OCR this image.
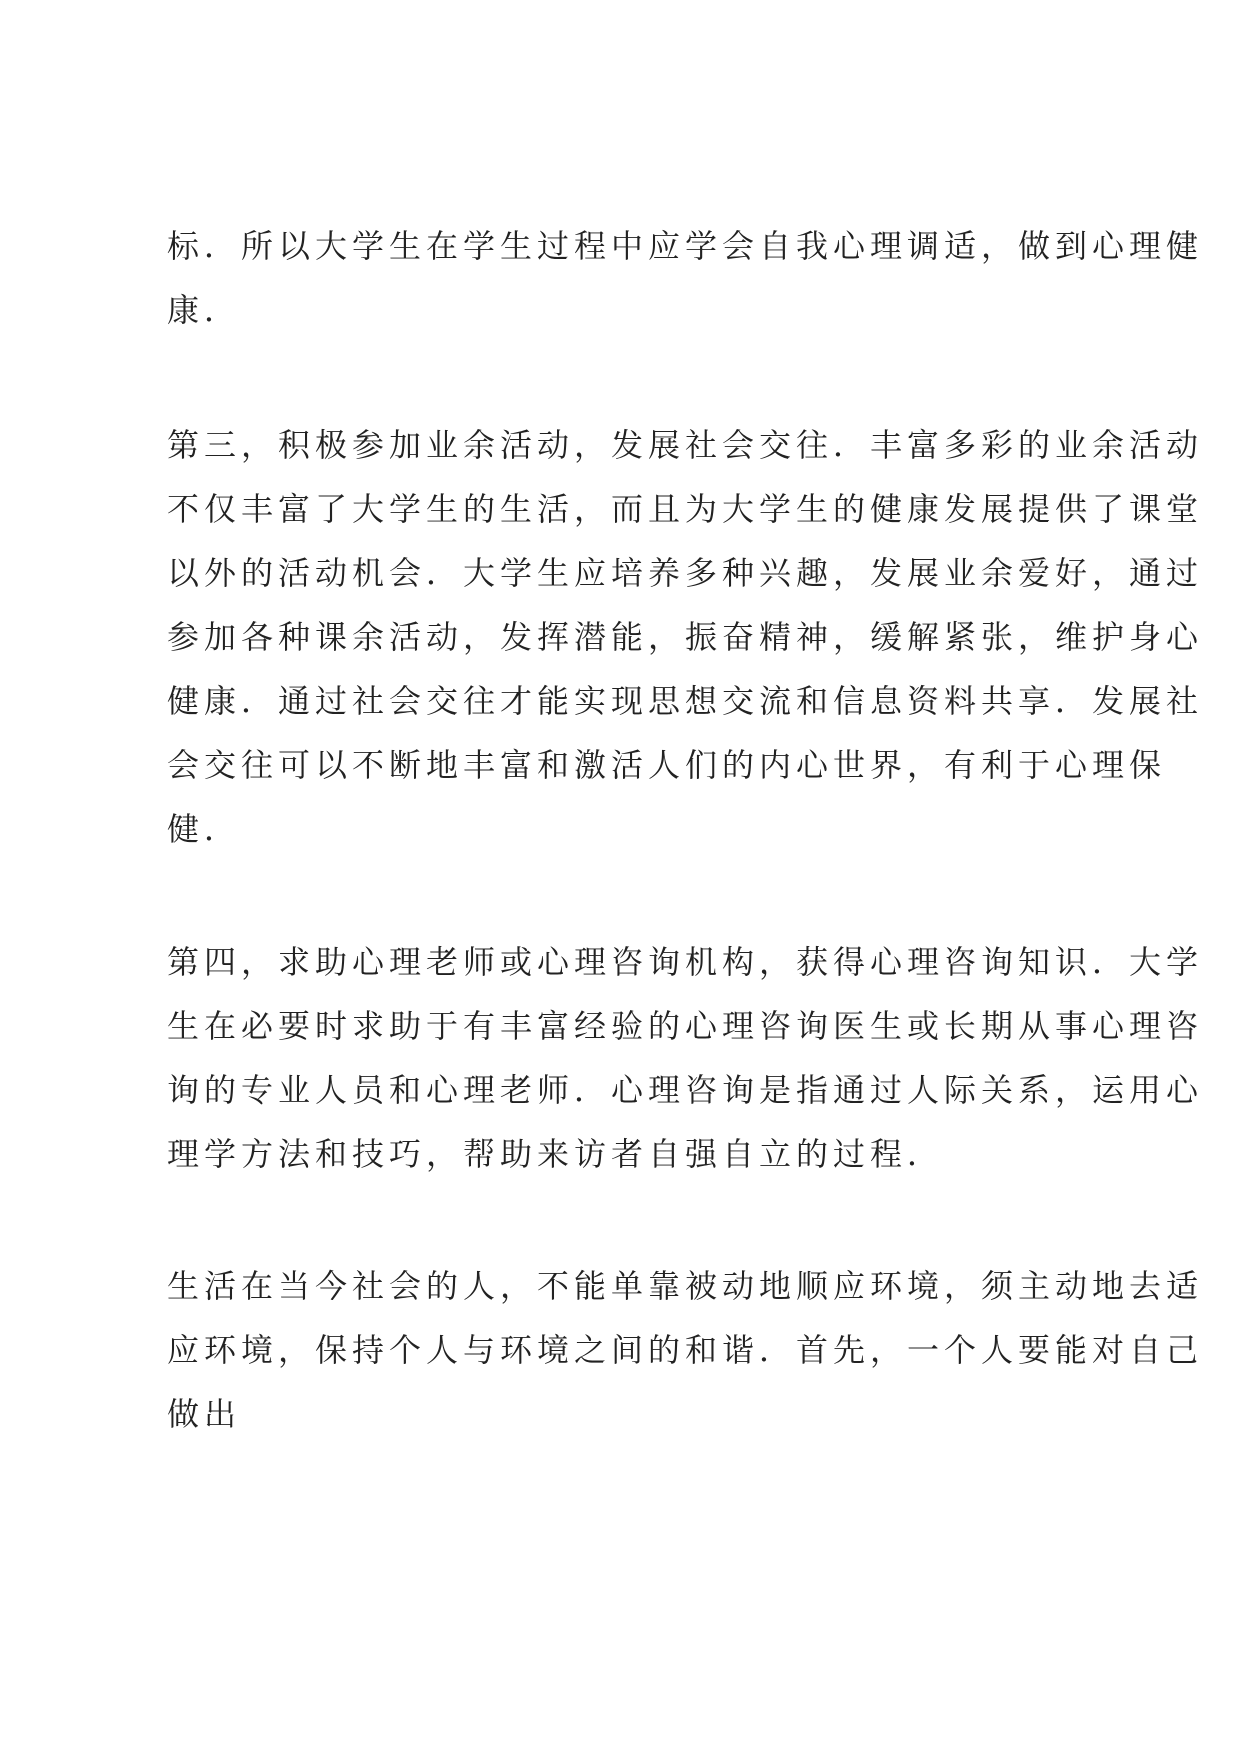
标．所以大学生在学生过程中应学会自我心理调适，做到心理健
康．
第三，积极参加业余活动，发展社会交往．丰富多彩的业余活动
不仅丰富了大学生的生活，而且为大学生的健康发展提供了课堂
以外的活动机会．大学生应培养多种兴趣，发展业余爱好，通过
参加各种课余活动，发挥潜能，振奋精神，缓解紧张，维护身心
健康．通过社会交往才能实现思想交流和信息资料共享．发展社
会交往可以不断地丰富和激活人们的内心世界，有利于心理保
健．
第四，求助心理老师或心理咨询机构，获得心理咨询知识．大学
生在必要时求助于有丰富经验的心理咨询医生或长期从事心理咨
询的专业人员和心理老师．心理咨询是指通过人际关系，运用心
理学方法和技巧，帮助来访者自强自立的过程．
生活在当今社会的人，不能单靠被动地顺应环境，须主动地去适
应环境，保持个人与环境之间的和谐．首先，一个人要能对自己
做出
